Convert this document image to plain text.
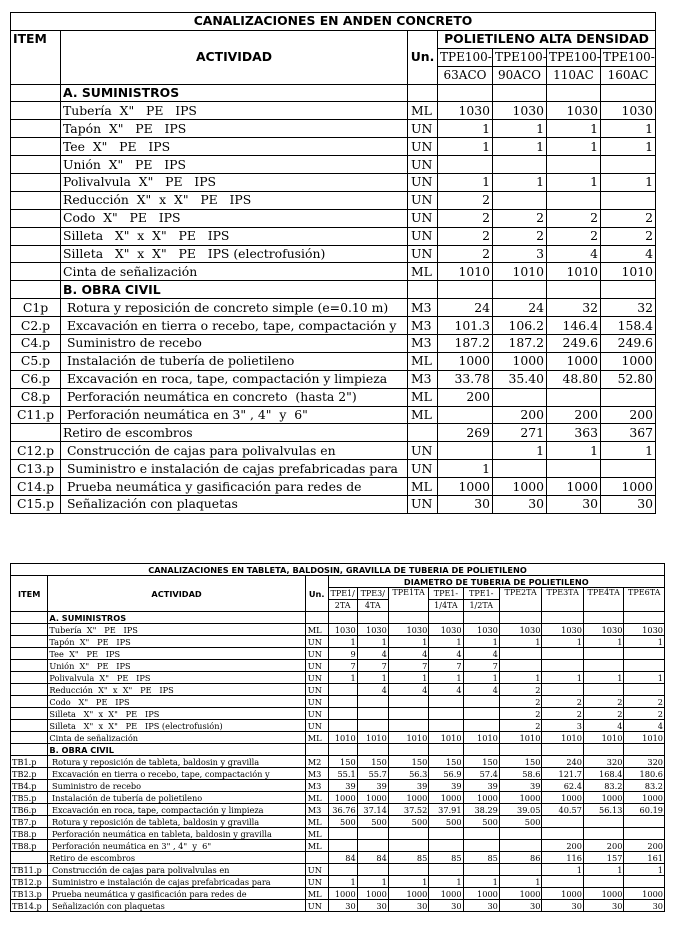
CANALIZACIONES EN ANDEN CONCRETO						
ITEM	ACTIVIDAD	Un.	POLIETILENO ALTA DENSIDAD			
			TPE100-	TPE100-	TPE100-	TPE100-
			63ACO	90ACO	110AC	160AC
	A. SUMINISTROS					
	Tubería  X"   PE   IPS	ML	1030	1030	1030	1030
	Tapón  X"   PE   IPS	UN	1	1	1	1
	Tee  X"   PE   IPS	UN	1	1	1	1
	Unión  X"   PE   IPS	UN				
	Polivalvula  X"   PE   IPS	UN	1	1	1	1
	Reducción  X"  x  X"   PE   IPS	UN	2			
	Codo  X"   PE   IPS	UN	2	2	2	2
	Silleta   X"  x  X"   PE   IPS	UN	2	2	2	2
	Silleta   X"  x  X"   PE   IPS (electrofusión)	UN	2	3	4	4
	Cinta de señalización	ML	1010	1010	1010	1010
	B. OBRA CIVIL					
C1p	Rotura y reposición de concreto simple (e=0.10 m)	M3	24	24	32	32
C2.p	Excavación en tierra o recebo, tape, compactación y	M3	101.3	106.2	146.4	158.4
C4.p	Suministro de recebo	M3	187.2	187.2	249.6	249.6
C5.p	Instalación de tubería de polietileno	ML	1000	1000	1000	1000
C6.p	Excavación en roca, tape, compactación y limpieza	M3	33.78	35.40	48.80	52.80
C8.p	Perforación neumática en concreto  (hasta 2")	ML	200			
C11.p	Perforación neumática en 3" , 4"  y  6"	ML		200	200	200
	Retiro de escombros		269	271	363	367
C12.p	Construcción de cajas para polivalvulas en	UN		1	1	1
C13.p	Suministro e instalación de cajas prefabricadas para	UN	1			
C14.p	Prueba neumática y gasificación para redes de	ML	1000	1000	1000	1000
C15.p	Señalización con plaquetas	UN	30	30	30	30
CANALIZACIONES EN TABLETA, BALDOSIN, GRAVILLA DE TUBERIA DE POLIETILENO											
ITEM	ACTIVIDAD	Un.	DIAMETRO DE TUBERIA DE POLIETILENO								
			TPE1/	TPE3/	TPE1TA	TPE1-	TPE1-	TPE2TA	TPE3TA	TPE4TA	TPE6TA
			2TA	4TA		1/4TA	1/2TA				
	A. SUMINISTROS										
	Tubería  X"   PE   IPS	ML	1030	1030	1030	1030	1030	1030	1030	1030	1030
	Tapón  X"   PE   IPS	UN	1	1	1	1	1	1	1	1	1
	Tee  X"   PE   IPS	UN	9	4	4	4	4				
	Unión  X"   PE   IPS	UN	7	7	7	7	7				
	Polivalvula  X"   PE   IPS	UN	1	1	1	1	1	1	1	1	1
	Reducción  X"  x  X"   PE   IPS	UN		4	4	4	4	2			
	Codo   X"   PE   IPS	UN						2	2	2	2
	Silleta   X"  x  X"   PE   IPS	UN						2	2	2	2
	Silleta   X"  x  X"   PE   IPS (electrofusión)	UN						2	3	4	4
	Cinta de señalización	ML	1010	1010	1010	1010	1010	1010	1010	1010	1010
	B. OBRA CIVIL										
TB1.p	Rotura y reposición de tableta, baldosin y gravilla	M2	150	150	150	150	150	150	240	320	320
TB2.p	Excavación en tierra o recebo, tape, compactación y	M3	55.1	55.7	56.3	56.9	57.4	58.6	121.7	168.4	180.6
TB4.p	Suministro de recebo	M3	39	39	39	39	39	39	62.4	83.2	83.2
TB5.p	Instalación de tubería de polietileno	ML	1000	1000	1000	1000	1000	1000	1000	1000	1000
TB6.p	Excavación en roca, tape, compactación y limpieza	M3	36.76	37.14	37.52	37.91	38.29	39.05	40.57	56.13	60.19
TB7.p	Rotura y reposición de tableta, baldosin y gravilla	ML	500	500	500	500	500	500			
TB8.p	Perforación neumática en tableta, baldosin y gravilla	ML									
TB8.p	Perforación neumática en 3" , 4"  y  6"	ML							200	200	200
	Retiro de escombros		84	84	85	85	85	86	116	157	161
TB11.p	Construcción de cajas para polivalvulas en	UN							1	1	1
TB12.p	Suministro e instalación de cajas prefabricadas para	UN	1	1	1	1	1	1			
TB13.p	Prueba neumática y gasificación para redes de	ML	1000	1000	1000	1000	1000	1000	1000	1000	1000
TB14.p	Señalización con plaquetas	UN	30	30	30	30	30	30	30	30	30
